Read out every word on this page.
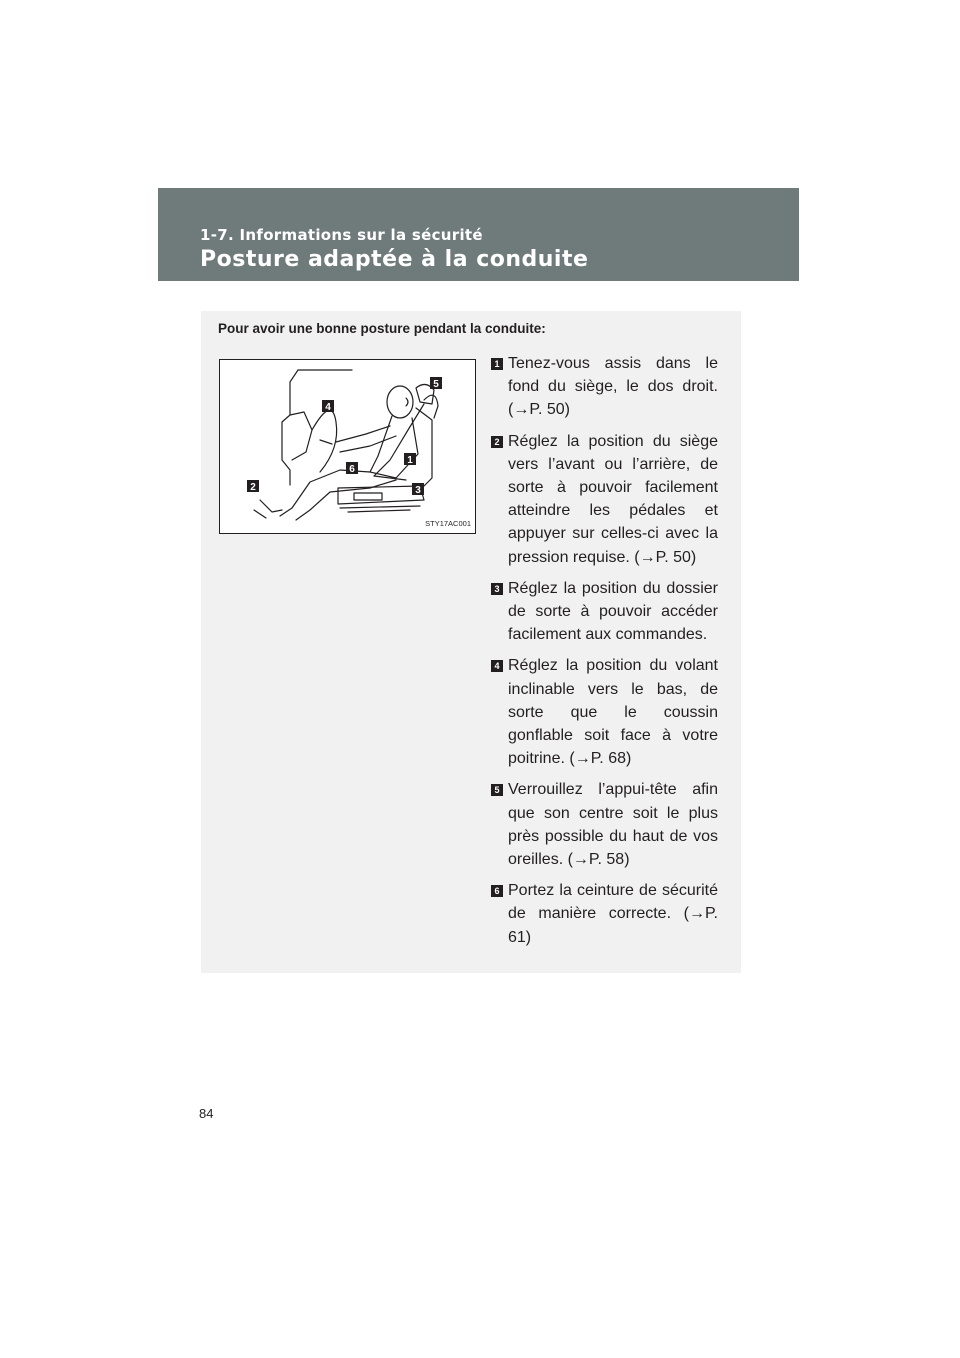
1-7. Informations sur la sécurité
Posture adaptée à la conduite
Pour avoir une bonne posture pendant la conduite:
1
2	3
4
5
6
STY17AC001
1 Tenez-vous assis dans le fond du siège, le dos droit. (→P. 50)
2 Réglez la position du siège vers l’avant ou l’arrière, de sorte à pouvoir facilement atteindre les pédales et appuyer sur celles-ci avec la pression requise. (→P. 50)
3 Réglez la position du dossier de sorte à pouvoir accéder facilement aux commandes.
4 Réglez la position du volant inclinable vers le bas, de sorte que le coussin gonflable soit face à votre poitrine. (→P. 68)
5 Verrouillez l’appui-tête afin que son centre soit le plus près possible du haut de vos oreilles. (→P. 58)
6 Portez la ceinture de sécurité de manière correcte. (→P. 61)
84
